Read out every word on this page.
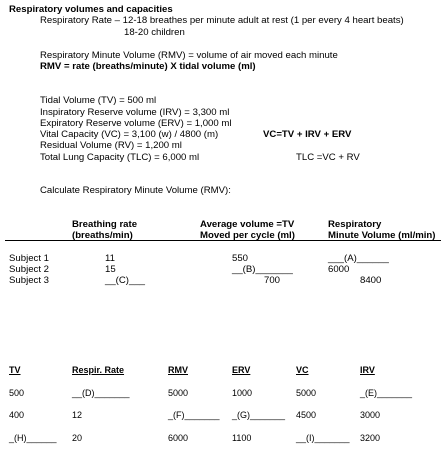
Respiratory volumes and capacities
Respiratory Rate – 12-18 breathes per minute adult at rest (1 per every 4 heart beats)
18-20 children
Respiratory Minute Volume (RMV) = volume of air moved each minute
RMV = rate (breaths/minute) X tidal volume (ml)
Tidal Volume (TV) = 500 ml
Inspiratory Reserve volume (IRV) = 3,300 ml
Expiratory Reserve volume (ERV) = 1,000 ml
Vital Capacity (VC) = 3,100 (w) / 4800 (m)	VC=TV + IRV + ERV
Residual Volume (RV) = 1,200 ml
Total Lung Capacity (TLC) = 6,000 ml	TLC =VC + RV
Calculate Respiratory Minute Volume (RMV):
Breathing rate
(breaths/min)
Average volume =TV
Moved per cycle (ml)
Respiratory
Minute Volume (ml/min)
Subject 1	11	550	___(A)______
Subject 2	15	__(B)_______	6000
Subject 3	__(C)___	700	8400
TV	Respir. Rate	RMV	ERV	VC	IRV
500	__(D)_______	5000	1000	5000	_(E)_______
400	12	_(F)_______ _(G)_______ 4500	3000
_(H)______ 20	6000	1100	__(I)_______ 3200
